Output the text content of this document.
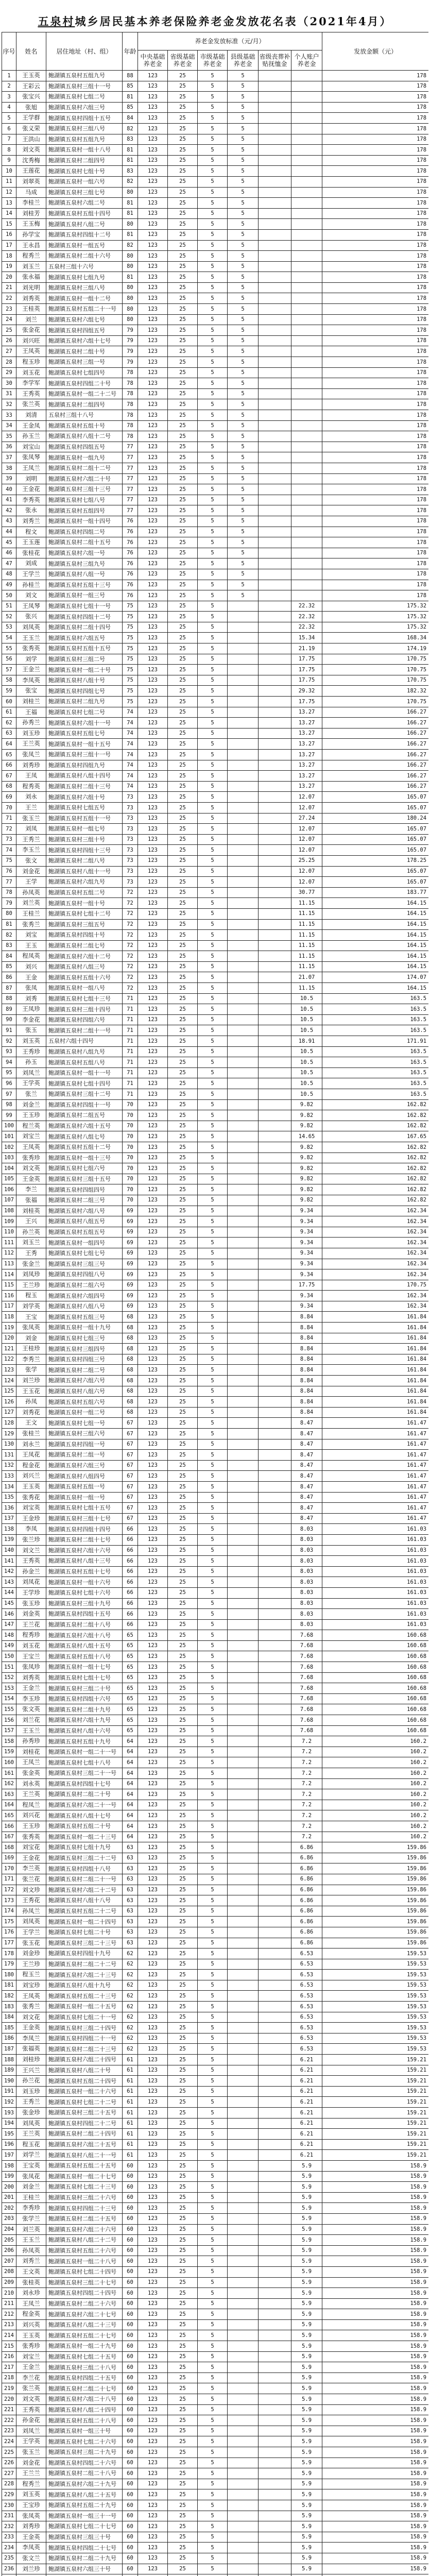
五泉村城乡居民基本养老保险养老金发放花名表（2021年4月）
序号	姓名	居住地址（村、组）	年龄	养老金发放标准（元/月）						发放金额（元）
				中央基础养老金	省级基础养老金	市级基础养老金	县级基础养老金	省级丧葬补贴抚恤金	个人账户养老金	
1	王玉英	鲍湖镇五泉村五组九号	88	123	25	5	5			178
2	王彩云	鲍湖镇五泉村三组十一号	85	123	25	5	5			178
3	张宝兴	鲍湖镇五泉村七组二号	81	123	25	5	5			178
4	张旭	鲍湖镇五泉村六组三号	85	123	25	5	5			178
5	王学群	鲍湖镇五泉村四组十五号	84	123	25	5	5			178
6	张义荣	鲍湖镇五泉村三组八号	82	123	25	5	5			178
7	王洪山	鲍湖镇五泉村五组九号	83	123	25	5	5			178
8	刘文英	鲍湖镇五泉村一组十八号	81	123	25	5	5			178
9	沈秀梅	鲍湖镇五泉村二组四号	81	123	25	5	5			178
10	王莲花	鲍湖镇五泉村七组十号	83	123	25	5	5			178
11	刘翠英	鲍湖镇五泉村一组六号	82	123	25	5	5			178
12	马成	鲍湖镇五泉村三组七号	80	123	25	5	5			178
13	李桂兰	鲍湖镇五泉村六组二号	81	123	25	5	5			178
14	刘桂芳	鲍湖镇五泉村五组十四号	81	123	25	5	5			178
15	王玉梅	鲍湖镇五泉村八组二号	80	123	25	5	5			178
16	孙学宝	鲍湖镇五泉村四组十二号	81	123	25	5	5			178
17	王永昌	鲍湖镇五泉村一组五号	82	123	25	5	5			178
18	程秀兰	鲍湖镇五泉村二组十六号	80	123	25	5	5			178
19	刘玉兰	五泉村三组十六号	80	123	25	5	5			178
20	张永福	鲍湖镇五泉村七组九号	81	123	25	5	5			178
21	刘光明	鲍湖镇五泉村三组八号	80	123	25	5	5			178
22	刘秀英	鲍湖镇五泉村一组十二号	80	123	25	5	5			178
23	王桂英	鲍湖镇五泉村五组二十一号	80	123	25	5	5			178
24	刘兰	鲍湖镇五泉村六组七号	80	123	25	5	5			178
25	张金花	鲍湖镇五泉村四组五号	79	123	25	5	5			178
26	刘兴旺	鲍湖镇五泉村六组十七号	79	123	25	5	5			178
27	王凤英	鲍湖镇五泉村二组十号	79	123	25	5	5			178
28	程玉珍	鲍湖镇五泉村三组一号	79	123	25	5	5			178
29	刘玉花	鲍湖镇五泉村七组四号	78	123	25	5	5			178
30	李学军	鲍湖镇五泉村四组二十号	78	123	25	5	5			178
31	王秀英	鲍湖镇五泉村一组二十二号	78	123	25	5	5			178
32	张兰英	鲍湖镇五泉村二组四号	78	123	25	5	5			178
33	刘清	五泉村三组十八号	78	123	25	5	5			178
34	王金凤	鲍湖镇五泉村五组十号	78	123	25	5	5			178
35	孙玉兰	鲍湖镇五泉村八组十二号	78	123	25	5	5			178
36	刘宝山	鲍湖镇五泉村四组五号	77	123	25	5	5			178
37	张凤琴	鲍湖镇五泉村一组九号	77	123	25	5	5			178
38	王凤兰	鲍湖镇五泉村二组十二号	77	123	25	5	5			178
39	刘明	鲍湖镇五泉村六组二十号	77	123	25	5	5			178
40	王金花	鲍湖镇五泉村三组十三号	77	123	25	5	5			178
41	李秀英	鲍湖镇五泉村七组八号	77	123	25	5	5			178
42	张永	鲍湖镇五泉村五组四号	77	123	25	5	5			178
43	刘秀兰	鲍湖镇五泉村一组十四号	76	123	25	5	5			178
44	程文	鲍湖镇五泉村四组二号	76	123	25	5	5			178
45	王玉莲	鲍湖镇五泉村二组十五号	76	123	25	5	5			178
46	张桂花	鲍湖镇五泉村六组一号	76	123	25	5	5			178
47	刘成	鲍湖镇五泉村三组九号	76	123	25	5	5			178
48	王学兰	鲍湖镇五泉村八组一号	76	123	25	5	5			178
49	孙桂兰	鲍湖镇五泉村五组十三号	76	123	25	5	5			178
50	刘文	鲍湖镇五泉村一组三号	76	123	25	5	5			178
51	王凤琴	鲍湖镇五泉村七组十一号	75	123	25	5			22.32	175.32
52	张兴	鲍湖镇五泉村四组十二号	75	123	25	5			22.32	175.32
53	刘凤英	鲍湖镇五泉村二组十四号	75	123	25	5			22.32	175.32
54	王玉兰	鲍湖镇五泉村六组五号	75	123	25	5			15.34	168.34
55	张秀英	鲍湖镇五泉村五组十五号	75	123	25	5			21.19	174.19
56	刘学	鲍湖镇五泉村三组二号	75	123	25	5			17.75	170.75
57	王金兰	鲍湖镇五泉村一组二十号	75	123	25	5			17.75	170.75
58	李凤英	鲍湖镇五泉村八组十号	75	123	25	5			17.75	170.75
59	张宝	鲍湖镇五泉村四组七号	75	123	25	5			29.32	182.32
60	刘桂兰	鲍湖镇五泉村二组九号	75	123	25	5			17.75	170.75
61	王福	鲍湖镇五泉村七组二号	74	123	25	5			13.27	166.27
62	孙秀兰	鲍湖镇五泉村六组十一号	74	123	25	5			13.27	166.27
63	刘玉珍	鲍湖镇五泉村五组七号	74	123	25	5			13.27	166.27
64	王兰英	鲍湖镇五泉村一组十五号	74	123	25	5			13.27	166.27
65	张凤兰	鲍湖镇五泉村三组十一号	74	123	25	5			13.27	166.27
66	刘秀珍	鲍湖镇五泉村四组九号	74	123	25	5			13.27	166.27
67	王凤	鲍湖镇五泉村八组十四号	74	123	25	5			13.27	166.27
68	程秀英	鲍湖镇五泉村二组十三号	74	123	25	5			13.27	166.27
69	刘永	鲍湖镇五泉村六组十号	73	123	25	5			12.07	165.07
70	王兰	鲍湖镇五泉村七组五号	73	123	25	5			12.07	165.07
71	张玉兰	鲍湖镇五泉村五组十一号	73	123	25	5			27.24	180.24
72	刘凤	鲍湖镇五泉村一组七号	73	123	25	5			12.07	165.07
73	王秀兰	鲍湖镇五泉村三组十号	73	123	25	5			12.07	165.07
74	李玉兰	鲍湖镇五泉村四组十三号	73	123	25	5			12.07	165.07
75	张文	鲍湖镇五泉村二组八号	73	123	25	5			25.25	178.25
76	刘金花	鲍湖镇五泉村八组十一号	73	123	25	5			12.07	165.07
77	王学	鲍湖镇五泉村六组九号	73	123	25	5			12.07	165.07
78	孙凤英	鲍湖镇五泉村五组二号	72	123	25	5			30.77	183.77
79	刘兰英	鲍湖镇五泉村一组十号	72	123	25	5			11.15	164.15
80	王桂兰	鲍湖镇五泉村七组十二号	72	123	25	5			11.15	164.15
81	张秀兰	鲍湖镇五泉村三组五号	72	123	25	5			11.15	164.15
82	刘宝	鲍湖镇五泉村四组十号	72	123	25	5			11.15	164.15
83	王玉	鲍湖镇五泉村二组七号	72	123	25	5			11.15	164.15
84	程凤英	鲍湖镇五泉村六组十二号	72	123	25	5			11.15	164.15
85	刘兴	鲍湖镇五泉村八组三号	72	123	25	5			11.15	164.15
86	王金	鲍湖镇五泉村五组十六号	72	123	25	5			21.07	174.07
87	张凤	鲍湖镇五泉村一组八号	72	123	25	5			11.15	164.15
88	刘秀	鲍湖镇五泉村七组十三号	71	123	25	5			10.5	163.5
89	王凤珍	鲍湖镇五泉村三组十四号	71	123	25	5			10.5	163.5
90	李金花	鲍湖镇五泉村四组六号	71	123	25	5			10.5	163.5
91	张玉	鲍湖镇五泉村二组十一号	71	123	25	5			10.5	163.5
92	刘玉英	五泉村六组十四号	71	123	25	5			18.91	171.91
93	王秀珍	鲍湖镇五泉村八组九号	71	123	25	5			10.5	163.5
94	孙玉	鲍湖镇五泉村五组八号	71	123	25	5			10.5	163.5
95	刘凤兰	鲍湖镇五泉村一组十一号	71	123	25	5			10.5	163.5
96	王学英	鲍湖镇五泉村七组十四号	71	123	25	5			10.5	163.5
97	张兰	鲍湖镇五泉村三组十二号	71	123	25	5			10.5	163.5
98	刘金兰	鲍湖镇五泉村四组十一号	70	123	25	5			9.82	162.82
99	王玉珍	鲍湖镇五泉村二组五号	70	123	25	5			9.82	162.82
100	程兰英	鲍湖镇五泉村六组十五号	70	123	25	5			9.82	162.82
101	刘宝兰	鲍湖镇五泉村八组七号	70	123	25	5			14.65	167.65
102	王凤英	鲍湖镇五泉村五组十二号	70	123	25	5			9.82	162.82
103	张秀珍	鲍湖镇五泉村一组十三号	70	123	25	5			9.82	162.82
104	刘文英	鲍湖镇五泉村七组六号	70	123	25	5			9.82	162.82
105	王金英	鲍湖镇五泉村三组十五号	70	123	25	5			9.82	162.82
106	李兰	鲍湖镇五泉村四组四号	70	123	25	5			9.82	162.82
107	张福	鲍湖镇五泉村二组三号	70	123	25	5			9.82	162.82
108	刘桂英	鲍湖镇五泉村六组八号	69	123	25	5			9.34	162.34
109	王兴	鲍湖镇五泉村八组五号	69	123	25	5			9.34	162.34
110	孙兰英	鲍湖镇五泉村五组五号	69	123	25	5			9.34	162.34
111	刘玉兰	鲍湖镇五泉村一组四号	69	123	25	5			9.34	162.34
112	王秀	鲍湖镇五泉村七组七号	69	123	25	5			9.34	162.34
113	张金兰	鲍湖镇五泉村三组三号	69	123	25	5			9.34	162.34
114	刘凤珍	鲍湖镇五泉村四组八号	69	123	25	5			9.34	162.34
115	王兰珍	鲍湖镇五泉村二组六号	69	123	25	5			17.75	170.75
116	程玉	鲍湖镇五泉村六组四号	69	123	25	5			9.34	162.34
117	刘学英	鲍湖镇五泉村八组八号	69	123	25	5			9.34	162.34
118	王宝	鲍湖镇五泉村五组三号	68	123	25	5			8.84	161.84
119	张凤英	鲍湖镇五泉村一组十九号	68	123	25	5			8.84	161.84
120	刘金	鲍湖镇五泉村七组三号	68	123	25	5			8.84	161.84
121	王桂珍	鲍湖镇五泉村三组四号	68	123	25	5			8.84	161.84
122	李秀兰	鲍湖镇五泉村四组三号	68	123	25	5			8.84	161.84
123	张学	鲍湖镇五泉村二组二号	68	123	25	5			8.84	161.84
124	刘兰珍	鲍湖镇五泉村六组六号	68	123	25	5			8.84	161.84
125	王玉花	鲍湖镇五泉村八组六号	68	123	25	5			8.84	161.84
126	孙凤	鲍湖镇五泉村五组六号	68	123	25	5			8.84	161.84
127	刘秀花	鲍湖镇五泉村一组二号	68	123	25	5			8.84	161.84
128	王文	鲍湖镇五泉村七组一号	67	123	25	5			8.47	161.47
129	张桂兰	鲍湖镇五泉村三组六号	67	123	25	5			8.47	161.47
130	刘永兰	鲍湖镇五泉村四组一号	67	123	25	5			8.47	161.47
131	王凤花	鲍湖镇五泉村二组一号	67	123	25	5			8.47	161.47
132	程金花	鲍湖镇五泉村六组三号	67	123	25	5			8.47	161.47
133	刘兴兰	鲍湖镇五泉村八组四号	67	123	25	5			8.47	161.47
134	王玉英	鲍湖镇五泉村五组一号	67	123	25	5			8.47	161.47
135	张秀花	鲍湖镇五泉村一组一号	67	123	25	5			8.47	161.47
136	刘宝英	鲍湖镇五泉村七组十五号	67	123	25	5			8.47	161.47
137	王金珍	鲍湖镇五泉村三组十七号	67	123	25	5			8.47	161.47
138	李凤	鲍湖镇五泉村四组十四号	66	123	25	5			8.03	161.03
139	张兰珍	鲍湖镇五泉村二组十七号	66	123	25	5			8.03	161.03
140	刘文兰	鲍湖镇五泉村六组十六号	66	123	25	5			8.03	161.03
141	王秀英	鲍湖镇五泉村八组十三号	66	123	25	5			8.03	161.03
142	孙金兰	鲍湖镇五泉村五组十七号	66	123	25	5			8.03	161.03
143	刘凤花	鲍湖镇五泉村一组十六号	66	123	25	5			8.03	161.03
144	王学珍	鲍湖镇五泉村七组十六号	66	123	25	5			8.03	161.03
145	张玉珍	鲍湖镇五泉村三组十九号	66	123	25	5			8.03	161.03
146	刘金英	鲍湖镇五泉村四组十五号	66	123	25	5			8.03	161.03
147	王兰花	鲍湖镇五泉村二组十八号	66	123	25	5			8.03	161.03
148	程秀珍	鲍湖镇五泉村六组十八号	65	123	25	5			7.68	160.68
149	刘玉花	鲍湖镇五泉村八组十五号	65	123	25	5			7.68	160.68
150	王宝兰	鲍湖镇五泉村五组十八号	65	123	25	5			7.68	160.68
151	张凤珍	鲍湖镇五泉村一组十七号	65	123	25	5			7.68	160.68
152	刘秀英	鲍湖镇五泉村七组十七号	65	123	25	5			7.68	160.68
153	王金兰	鲍湖镇五泉村三组二十号	65	123	25	5			7.68	160.68
154	李玉珍	鲍湖镇五泉村四组十六号	65	123	25	5			7.68	160.68
155	张文英	鲍湖镇五泉村二组十九号	65	123	25	5			7.68	160.68
156	刘兰花	鲍湖镇五泉村六组十九号	65	123	25	5			7.68	160.68
157	王玉兰	鲍湖镇五泉村八组十六号	65	123	25	5			7.68	160.68
158	孙秀珍	鲍湖镇五泉村五组十九号	64	123	25	5			7.2	160.2
159	刘桂花	鲍湖镇五泉村一组二十一号	64	123	25	5			7.2	160.2
160	王凤兰	鲍湖镇五泉村七组十八号	64	123	25	5			7.2	160.2
161	张金英	鲍湖镇五泉村三组二十一号	64	123	25	5			7.2	160.2
162	刘永英	鲍湖镇五泉村四组十七号	64	123	25	5			7.2	160.2
163	王兰英	鲍湖镇五泉村二组二十号	64	123	25	5			7.2	160.2
164	程凤兰	鲍湖镇五泉村六组二十一号	64	123	25	5			7.2	160.2
165	刘兴花	鲍湖镇五泉村八组十七号	64	123	25	5			7.2	160.2
166	王玉珍	鲍湖镇五泉村五组二十号	64	123	25	5			7.2	160.2
167	张秀英	鲍湖镇五泉村一组二十三号	64	123	25	5			7.2	160.2
168	刘宝花	鲍湖镇五泉村七组十九号	63	123	25	5			6.86	159.86
169	王金花	鲍湖镇五泉村三组二十二号	63	123	25	5			6.86	159.86
170	李兰英	鲍湖镇五泉村四组十八号	63	123	25	5			6.86	159.86
171	张兰花	鲍湖镇五泉村二组二十一号	63	123	25	5			6.86	159.86
172	刘文珍	鲍湖镇五泉村六组二十二号	63	123	25	5			6.86	159.86
173	王秀花	鲍湖镇五泉村八组十八号	63	123	25	5			6.86	159.86
174	孙凤兰	鲍湖镇五泉村五组二十二号	63	123	25	5			6.86	159.86
175	刘凤英	鲍湖镇五泉村一组二十四号	63	123	25	5			6.86	159.86
176	王学兰	鲍湖镇五泉村七组二十号	63	123	25	5			6.86	159.86
177	张玉花	鲍湖镇五泉村三组二十三号	63	123	25	5			6.86	159.86
178	刘金珍	鲍湖镇五泉村四组十九号	62	123	25	5			6.53	159.53
179	王兰珍	鲍湖镇五泉村二组二十二号	62	123	25	5			6.53	159.53
180	程玉兰	鲍湖镇五泉村六组二十三号	62	123	25	5			6.53	159.53
181	刘宝珍	鲍湖镇五泉村八组十九号	62	123	25	5			6.53	159.53
182	王凤英	鲍湖镇五泉村五组二十三号	62	123	25	5			6.53	159.53
183	张秀兰	鲍湖镇五泉村一组二十五号	62	123	25	5			6.53	159.53
184	刘文花	鲍湖镇五泉村七组二十一号	62	123	25	5			6.53	159.53
185	王金英	鲍湖镇五泉村三组二十四号	62	123	25	5			6.53	159.53
186	李凤兰	鲍湖镇五泉村四组二十一号	62	123	25	5			6.53	159.53
187	张福英	鲍湖镇五泉村二组二十三号	62	123	25	5			6.53	159.53
188	刘桂珍	鲍湖镇五泉村六组二十四号	61	123	25	5			6.21	159.21
189	王兴兰	鲍湖镇五泉村八组二十号	61	123	25	5			6.21	159.21
190	孙兰花	鲍湖镇五泉村五组二十四号	61	123	25	5			6.21	159.21
191	刘玉珍	鲍湖镇五泉村一组二十六号	61	123	25	5			6.21	159.21
192	王秀兰	鲍湖镇五泉村七组二十二号	61	123	25	5			6.21	159.21
193	张金珍	鲍湖镇五泉村三组二十五号	61	123	25	5			6.21	159.21
194	刘凤英	鲍湖镇五泉村四组二十二号	61	123	25	5			6.21	159.21
195	王兰英	鲍湖镇五泉村二组二十四号	61	123	25	5			6.21	159.21
196	程玉花	鲍湖镇五泉村六组二十五号	61	123	25	5			6.21	159.21
197	刘学兰	鲍湖镇五泉村八组二十一号	61	123	25	5			6.21	159.21
198	王宝英	鲍湖镇五泉村五组二十五号	60	123	25	5			5.9	158.9
199	张凤花	鲍湖镇五泉村一组二十七号	60	123	25	5			5.9	158.9
200	刘金兰	鲍湖镇五泉村七组二十三号	60	123	25	5			5.9	158.9
201	王桂兰	鲍湖镇五泉村三组二十六号	60	123	25	5			5.9	158.9
202	李秀珍	鲍湖镇五泉村四组二十三号	60	123	25	5			5.9	158.9
203	张学兰	鲍湖镇五泉村二组二十五号	60	123	25	5			5.9	158.9
204	刘兰英	鲍湖镇五泉村六组二十六号	60	123	25	5			5.9	158.9
205	王玉兰	鲍湖镇五泉村八组二十二号	60	123	25	5			5.9	158.9
206	孙凤英	鲍湖镇五泉村五组二十六号	60	123	25	5			5.9	158.9
207	刘秀兰	鲍湖镇五泉村一组二十八号	60	123	25	5			5.9	158.9
208	王文英	鲍湖镇五泉村七组二十四号	60	123	25	5			5.9	158.9
209	张桂英	鲍湖镇五泉村三组二十七号	60	123	25	5			5.9	158.9
210	刘永珍	鲍湖镇五泉村四组二十四号	60	123	25	5			5.9	158.9
211	王凤兰	鲍湖镇五泉村二组二十六号	60	123	25	5			5.9	158.9
212	程金英	鲍湖镇五泉村六组二十七号	60	123	25	5			5.9	158.9
213	刘兴英	鲍湖镇五泉村八组二十三号	60	123	25	5			5.9	158.9
214	王玉英	鲍湖镇五泉村五组二十七号	60	123	25	5			5.9	158.9
215	张秀珍	鲍湖镇五泉村一组二十九号	60	123	25	5			5.9	158.9
216	刘宝兰	鲍湖镇五泉村七组二十五号	60	123	25	5			5.9	158.9
217	王金兰	鲍湖镇五泉村三组二十八号	60	123	25	5			5.9	158.9
218	李兰花	鲍湖镇五泉村四组二十五号	60	123	25	5			5.9	158.9
219	张兰英	鲍湖镇五泉村二组二十七号	60	123	25	5			5.9	158.9
220	刘文英	鲍湖镇五泉村六组二十八号	60	123	25	5			5.9	158.9
221	王秀英	鲍湖镇五泉村八组二十四号	60	123	25	5			5.9	158.9
222	孙金花	鲍湖镇五泉村五组二十八号	60	123	25	5			5.9	158.9
223	刘凤兰	鲍湖镇五泉村一组三十号	60	123	25	5			5.9	158.9
224	王学英	鲍湖镇五泉村七组二十六号	60	123	25	5			5.9	158.9
225	张玉兰	鲍湖镇五泉村三组二十九号	60	123	25	5			5.9	158.9
226	刘金花	鲍湖镇五泉村四组二十六号	60	123	25	5			5.9	158.9
227	王兰兰	鲍湖镇五泉村二组二十八号	60	123	25	5			5.9	158.9
228	程秀兰	鲍湖镇五泉村六组二十九号	60	123	25	5			5.9	158.9
229	刘玉英	鲍湖镇五泉村八组二十五号	60	123	25	5			5.9	158.9
230	王宝珍	鲍湖镇五泉村五组二十九号	60	123	25	5			5.9	158.9
231	张凤英	鲍湖镇五泉村一组三十一号	60	123	25	5			5.9	158.9
232	刘秀珍	鲍湖镇五泉村七组二十七号	60	123	25	5			5.9	158.9
233	王金英	鲍湖镇五泉村三组三十号	60	123	25	5			5.9	158.9
234	李凤英	鲍湖镇五泉村四组二十七号	60	123	25	5			5.9	158.9
235	张文兰	鲍湖镇五泉村二组二十九号	60	123	25	5			5.9	158.9
236	刘兰珍	鲍湖镇五泉村六组三十号	60	123	25	5			5.9	158.9
